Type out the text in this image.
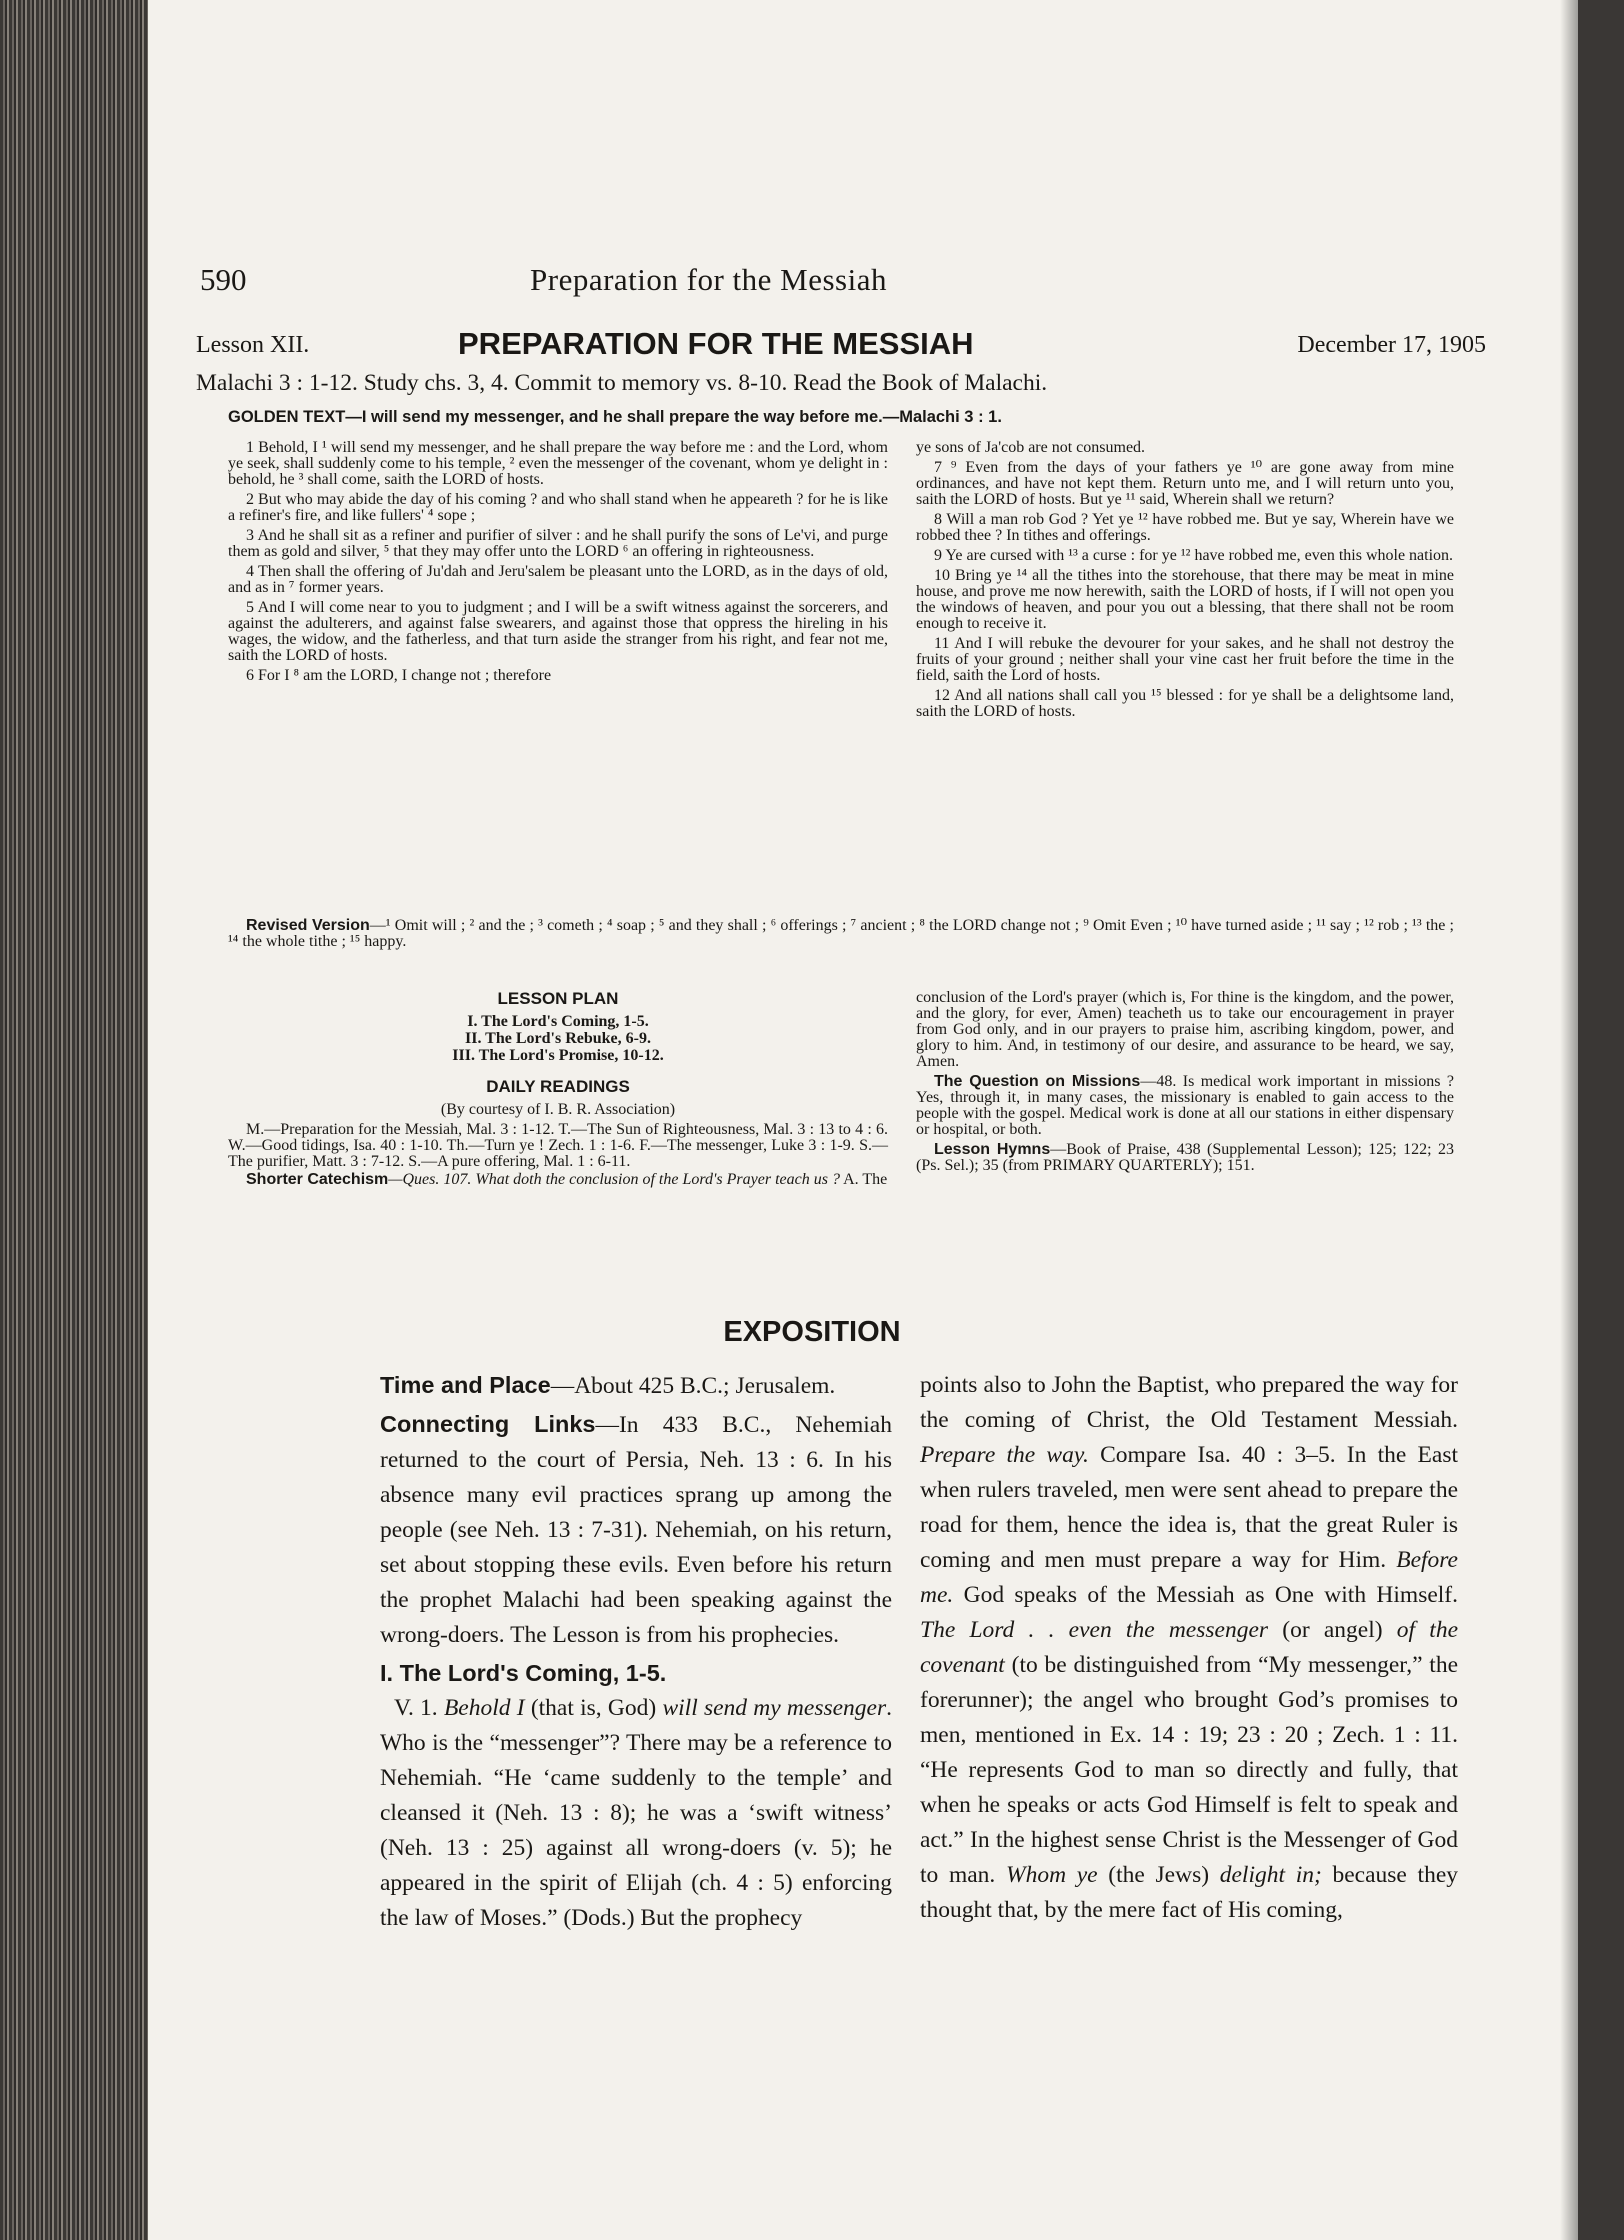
590	Preparation for the Messiah
Lesson XII.	PREPARATION FOR THE MESSIAH	December 17, 1905
Malachi 3 : 1-12. Study chs. 3, 4. Commit to memory vs. 8-10. Read the Book of Malachi.
GOLDEN TEXT—I will send my messenger, and he shall prepare the way before me.—Malachi 3 : 1.

1 Behold, I ¹ will send my messenger, and he shall prepare the way before me : and the Lord, whom ye seek, shall suddenly come to his temple, ² even the messenger of the covenant, whom ye delight in : behold, he ³ shall come, saith the LORD of hosts.

2 But who may abide the day of his coming ? and who shall stand when he appeareth ? for he is like a refiner's fire, and like fullers' ⁴ sope ;

3 And he shall sit as a refiner and purifier of silver : and he shall purify the sons of Le'vi, and purge them as gold and silver, ⁵ that they may offer unto the LORD ⁶ an offering in righteousness.

4 Then shall the offering of Ju'dah and Jeru'salem be pleasant unto the LORD, as in the days of old, and as in ⁷ former years.

5 And I will come near to you to judgment ; and I will be a swift witness against the sorcerers, and against the adulterers, and against false swearers, and against those that oppress the hireling in his wages, the widow, and the fatherless, and that turn aside the stranger from his right, and fear not me, saith the LORD of hosts.

6 For I ⁸ am the LORD, I change not ; therefore

ye sons of Ja'cob are not consumed.

7 ⁹ Even from the days of your fathers ye ¹⁰ are gone away from mine ordinances, and have not kept them. Return unto me, and I will return unto you, saith the LORD of hosts. But ye ¹¹ said, Wherein shall we return?

8 Will a man rob God ? Yet ye ¹² have robbed me. But ye say, Wherein have we robbed thee ? In tithes and offerings.

9 Ye are cursed with ¹³ a curse : for ye ¹² have robbed me, even this whole nation.

10 Bring ye ¹⁴ all the tithes into the storehouse, that there may be meat in mine house, and prove me now herewith, saith the LORD of hosts, if I will not open you the windows of heaven, and pour you out a blessing, that there shall not be room enough to receive it.

11 And I will rebuke the devourer for your sakes, and he shall not destroy the fruits of your ground ; neither shall your vine cast her fruit before the time in the field, saith the Lord of hosts.

12 And all nations shall call you ¹⁵ blessed : for ye shall be a delightsome land, saith the LORD of hosts.

Revised Version—¹ Omit will ; ² and the ; ³ cometh ; ⁴ soap ; ⁵ and they shall ; ⁶ offerings ; ⁷ ancient ; ⁸ the LORD change not ; ⁹ Omit Even ; ¹⁰ have turned aside ; ¹¹ say ; ¹² rob ; ¹³ the ; ¹⁴ the whole tithe ; ¹⁵ happy.
LESSON PLAN
I. The Lord's Coming, 1-5.
II. The Lord's Rebuke, 6-9.
III. The Lord's Promise, 10-12.
DAILY READINGS
(By courtesy of I. B. R. Association)

M.—Preparation for the Messiah, Mal. 3 : 1-12. T.—The Sun of Righteousness, Mal. 3 : 13 to 4 : 6. W.—Good tidings, Isa. 40 : 1-10. Th.—Turn ye ! Zech. 1 : 1-6. F.—The messenger, Luke 3 : 1-9. S.—The purifier, Matt. 3 : 7-12. S.—A pure offering, Mal. 1 : 6-11.

Shorter Catechism—Ques. 107. What doth the conclusion of the Lord's Prayer teach us ? A. The

conclusion of the Lord's prayer (which is, For thine is the kingdom, and the power, and the glory, for ever, Amen) teacheth us to take our encouragement in prayer from God only, and in our prayers to praise him, ascribing kingdom, power, and glory to him. And, in testimony of our desire, and assurance to be heard, we say, Amen.

The Question on Missions—48. Is medical work important in missions ? Yes, through it, in many cases, the missionary is enabled to gain access to the people with the gospel. Medical work is done at all our stations in either dispensary or hospital, or both.

Lesson Hymns—Book of Praise, 438 (Supplemental Lesson); 125; 122; 23 (Ps. Sel.); 35 (from PRIMARY QUARTERLY); 151.

EXPOSITION

Time and Place—About 425 B.C.; Jerusalem.

Connecting Links—In 433 B.C., Nehemiah returned to the court of Persia, Neh. 13 : 6. In his absence many evil practices sprang up among the people (see Neh. 13 : 7-31). Nehemiah, on his return, set about stopping these evils. Even before his return the prophet Malachi had been speaking against the wrong-doers. The Lesson is from his prophecies.

I. The Lord's Coming, 1-5.

V. 1. Behold I (that is, God) will send my messenger. Who is the “messenger”? There may be a reference to Nehemiah. “He ‘came suddenly to the temple’ and cleansed it (Neh. 13 : 8); he was a ‘swift witness’ (Neh. 13 : 25) against all wrong-doers (v. 5); he appeared in the spirit of Elijah (ch. 4 : 5) enforcing the law of Moses.” (Dods.) But the prophecy

points also to John the Baptist, who prepared the way for the coming of Christ, the Old Testament Messiah. Prepare the way. Compare Isa. 40 : 3–5. In the East when rulers traveled, men were sent ahead to prepare the road for them, hence the idea is, that the great Ruler is coming and men must prepare a way for Him. Before me. God speaks of the Messiah as One with Himself. The Lord . . even the messenger (or angel) of the covenant (to be distinguished from “My messenger,” the forerunner); the angel who brought God’s promises to men, mentioned in Ex. 14 : 19; 23 : 20 ; Zech. 1 : 11. “He represents God to man so directly and fully, that when he speaks or acts God Himself is felt to speak and act.” In the highest sense Christ is the Messenger of God to man. Whom ye (the Jews) delight in; because they thought that, by the mere fact of His coming,
